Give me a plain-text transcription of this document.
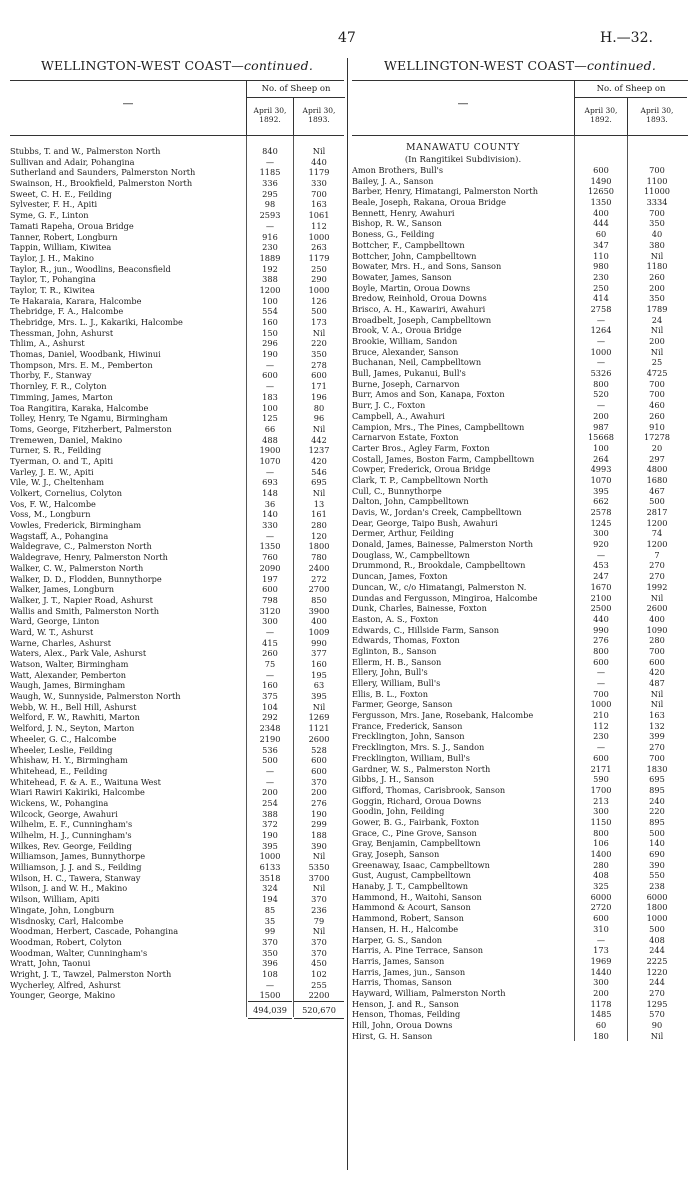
47	H.—32.
WELLINGTON-WEST COAST—continued.
—
No. of Sheep on
April 30,
1892.
April 30,
1893.
Stubbs, T. and W., Palmerston North	840	Nil
Sullivan and Adair, Pohangina	—	440
Sutherland and Saunders, Palmerston North	1185	1179
Swainson, H., Brookfield, Palmerston North	336	330
Sweet, C. H. E., Feilding	295	700
Sylvester, F. H., Apiti	98	163
Syme, G. F., Linton	2593	1061
Tamati Rapeha, Oroua Bridge	—	112
Tanner, Robert, Longburn	916	1000
Tappin, William, Kiwitea	230	263
Taylor, J. H., Makino	1889	1179
Taylor, R., jun., Woodlins, Beaconsfield	192	250
Taylor, T., Pohangina	388	290
Taylor, T. R., Kiwitea	1200	1000
Te Hakaraia, Karara, Halcombe	100	126
Thebridge, F. A., Halcombe	554	500
Thebridge, Mrs. L. J., Kakariki, Halcombe	160	173
Thessman, John, Ashurst	150	Nil
Thlim, A., Ashurst	296	220
Thomas, Daniel, Woodbank, Hiwinui	190	350
Thompson, Mrs. E. M., Pemberton	—	278
Thorby, F., Stanway	600	600
Thornley, F. R., Colyton	—	171
Timming, James, Marton	183	196
Toa Rangitira, Karaka, Halcombe	100	80
Tolley, Henry, Te Ngamu, Birmingham	125	96
Toms, George, Fitzherbert, Palmerston	66	Nil
Tremewen, Daniel, Makino	488	442
Turner, S. R., Feilding	1900	1237
Tyerman, O. and T., Apiti	1070	420
Varley, J. E. W., Apiti	—	546
Vile, W. J., Cheltenham	693	695
Volkert, Cornelius, Colyton	148	Nil
Vos, F. W., Halcombe	36	13
Voss, M., Longburn	140	161
Vowles, Frederick, Birmingham	330	280
Wagstaff, A., Pohangina	—	120
Waldegrave, C., Palmerston North	1350	1800
Waldegrave, Henry, Palmerston North	760	780
Walker, C. W., Palmerston North	2090	2400
Walker, D. D., Flodden, Bunnythorpe	197	272
Walker, James, Longburn	600	2700
Walker, J. T., Napier Road, Ashurst	798	850
Wallis and Smith, Palmerston North	3120	3900
Ward, George, Linton	300	400
Ward, W. T., Ashurst	—	1009
Warne, Charles, Ashurst	415	990
Waters, Alex., Park Vale, Ashurst	260	377
Watson, Walter, Birmingham	75	160
Watt, Alexander, Pemberton	—	195
Waugh, James, Birmingham	160	63
Waugh, W., Sunnyside, Palmerston North	375	395
Webb, W. H., Bell Hill, Ashurst	104	Nil
Welford, F. W., Rawhiti, Marton	292	1269
Welford, J. N., Seyton, Marton	2348	1121
Wheeler, G. C., Halcombe	2190	2600
Wheeler, Leslie, Feilding	536	528
Whishaw, H. Y., Birmingham	500	600
Whitehead, E., Feilding	—	600
Whitehead, F. & A. E., Waituna West	—	370
Wiari Rawiri Kakiriki, Halcombe	200	200
Wickens, W., Pohangina	254	276
Wilcock, George, Awahuri	388	190
Wilhelm, E. F., Cunningham's	372	299
Wilhelm, H. J., Cunningham's	190	188
Wilkes, Rev. George, Feilding	395	390
Williamson, James, Bunnythorpe	1000	Nil
Williamson, J. J. and S., Feilding	6133	5350
Wilson, H. C., Tawera, Stanway	3518	3700
Wilson, J. and W. H., Makino	324	Nil
Wilson, William, Apiti	194	370
Wingate, John, Longburn	85	236
Wisdnosky, Carl, Halcombe	35	79
Woodman, Herbert, Cascade, Pohangina	99	Nil
Woodman, Robert, Colyton	370	370
Woodman, Walter, Cunningham's	350	370
Wratt, John, Taonui	396	450
Wright, J. T., Tawzel, Palmerston North	108	102
Wycherley, Alfred, Ashurst	—	255
Younger, George, Makino	1500	2200
494,039	520,670
WELLINGTON-WEST COAST—continued.
—
No. of Sheep on
April 30,
1892.
April 30,
1893.
MANAWATU COUNTY
(In Rangitikei Subdivision).
Amon Brothers, Bull's	600	700
Bailey, J. A., Sanson	1490	1100
Barber, Henry, Himatangi, Palmerston North	12650	11000
Beale, Joseph, Rakana, Oroua Bridge	1350	3334
Bennett, Henry, Awahuri	400	700
Bishop, R. W., Sanson	444	350
Boness, G., Feilding	60	40
Bottcher, F., Campbelltown	347	380
Bottcher, John, Campbelltown	110	Nil
Bowater, Mrs. H., and Sons, Sanson	980	1180
Bowater, James, Sanson	230	260
Boyle, Martin, Oroua Downs	250	200
Bredow, Reinhold, Oroua Downs	414	350
Brisco, A. H., Kawariri, Awahuri	2758	1789
Broadbelt, Joseph, Campbelltown	—	24
Brook, V. A., Oroua Bridge	1264	Nil
Brookie, William, Sandon	—	200
Bruce, Alexander, Sanson	1000	Nil
Buchanan, Neil, Campbelltown	—	25
Bull, James, Pukanui, Bull's	5326	4725
Burne, Joseph, Carnarvon	800	700
Burr, Amos and Son, Kanapa, Foxton	520	700
Burr, J. C., Foxton	—	460
Campbell, A., Awahuri	200	260
Campion, Mrs., The Pines, Campbelltown	987	910
Carnarvon Estate, Foxton	15668	17278
Carter Bros., Agley Farm, Foxton	100	20
Costall, James, Boston Farm, Campbelltown	264	297
Cowper, Frederick, Oroua Bridge	4993	4800
Clark, T. P., Campbelltown North	1070	1680
Cull, C., Bunnythorpe	395	467
Dalton, John, Campbelltown	662	500
Davis, W., Jordan's Creek, Campbelltown	2578	2817
Dear, George, Taipo Bush, Awahuri	1245	1200
Dermer, Arthur, Feilding	300	74
Donald, James, Bainesse, Palmerston North	920	1200
Douglass, W., Campbelltown	—	7
Drummond, R., Brookdale, Campbelltown	453	270
Duncan, James, Foxton	247	270
Duncan, W., c/o Himatangi, Palmerston N.	1670	1992
Dundas and Fergusson, Mingiroa, Halcombe	2100	Nil
Dunk, Charles, Bainesse, Foxton	2500	2600
Easton, A. S., Foxton	440	400
Edwards, C., Hillside Farm, Sanson	990	1090
Edwards, Thomas, Foxton	276	280
Eglinton, B., Sanson	800	700
Ellerm, H. B., Sanson	600	600
Ellery, John, Bull's	—	420
Ellery, William, Bull's	—	487
Ellis, B. L., Foxton	700	Nil
Farmer, George, Sanson	1000	Nil
Fergusson, Mrs. Jane, Rosebank, Halcombe	210	163
France, Frederick, Sanson	112	132
Frecklington, John, Sanson	230	399
Frecklington, Mrs. S. J., Sandon	—	270
Frecklington, William, Bull's	600	700
Gardner, W. S., Palmerston North	2171	1830
Gibbs, J. H., Sanson	590	695
Gifford, Thomas, Carisbrook, Sanson	1700	895
Goggin, Richard, Oroua Downs	213	240
Goodin, John, Feilding	300	220
Gower, B. G., Fairbank, Foxton	1150	895
Grace, C., Pine Grove, Sanson	800	500
Gray, Benjamin, Campbelltown	106	140
Gray, Joseph, Sanson	1400	690
Greenaway, Isaac, Campbelltown	280	390
Gust, August, Campbelltown	408	550
Hanaby, J. T., Campbelltown	325	238
Hammond, H., Waitohi, Sanson	6000	6000
Hammond & Acourt, Sanson	2720	1800
Hammond, Robert, Sanson	600	1000
Hansen, H. H., Halcombe	310	500
Harper, G. S., Sandon	—	408
Harris, A. Pine Terrace, Sanson	173	244
Harris, James, Sanson	1969	2225
Harris, James, jun., Sanson	1440	1220
Harris, Thomas, Sanson	300	244
Hayward, William, Palmerston North	200	270
Henson, J. and R., Sanson	1178	1295
Henson, Thomas, Feilding	1485	570
Hill, John, Oroua Downs	60	90
Hirst, G. H. Sanson	180	Nil
